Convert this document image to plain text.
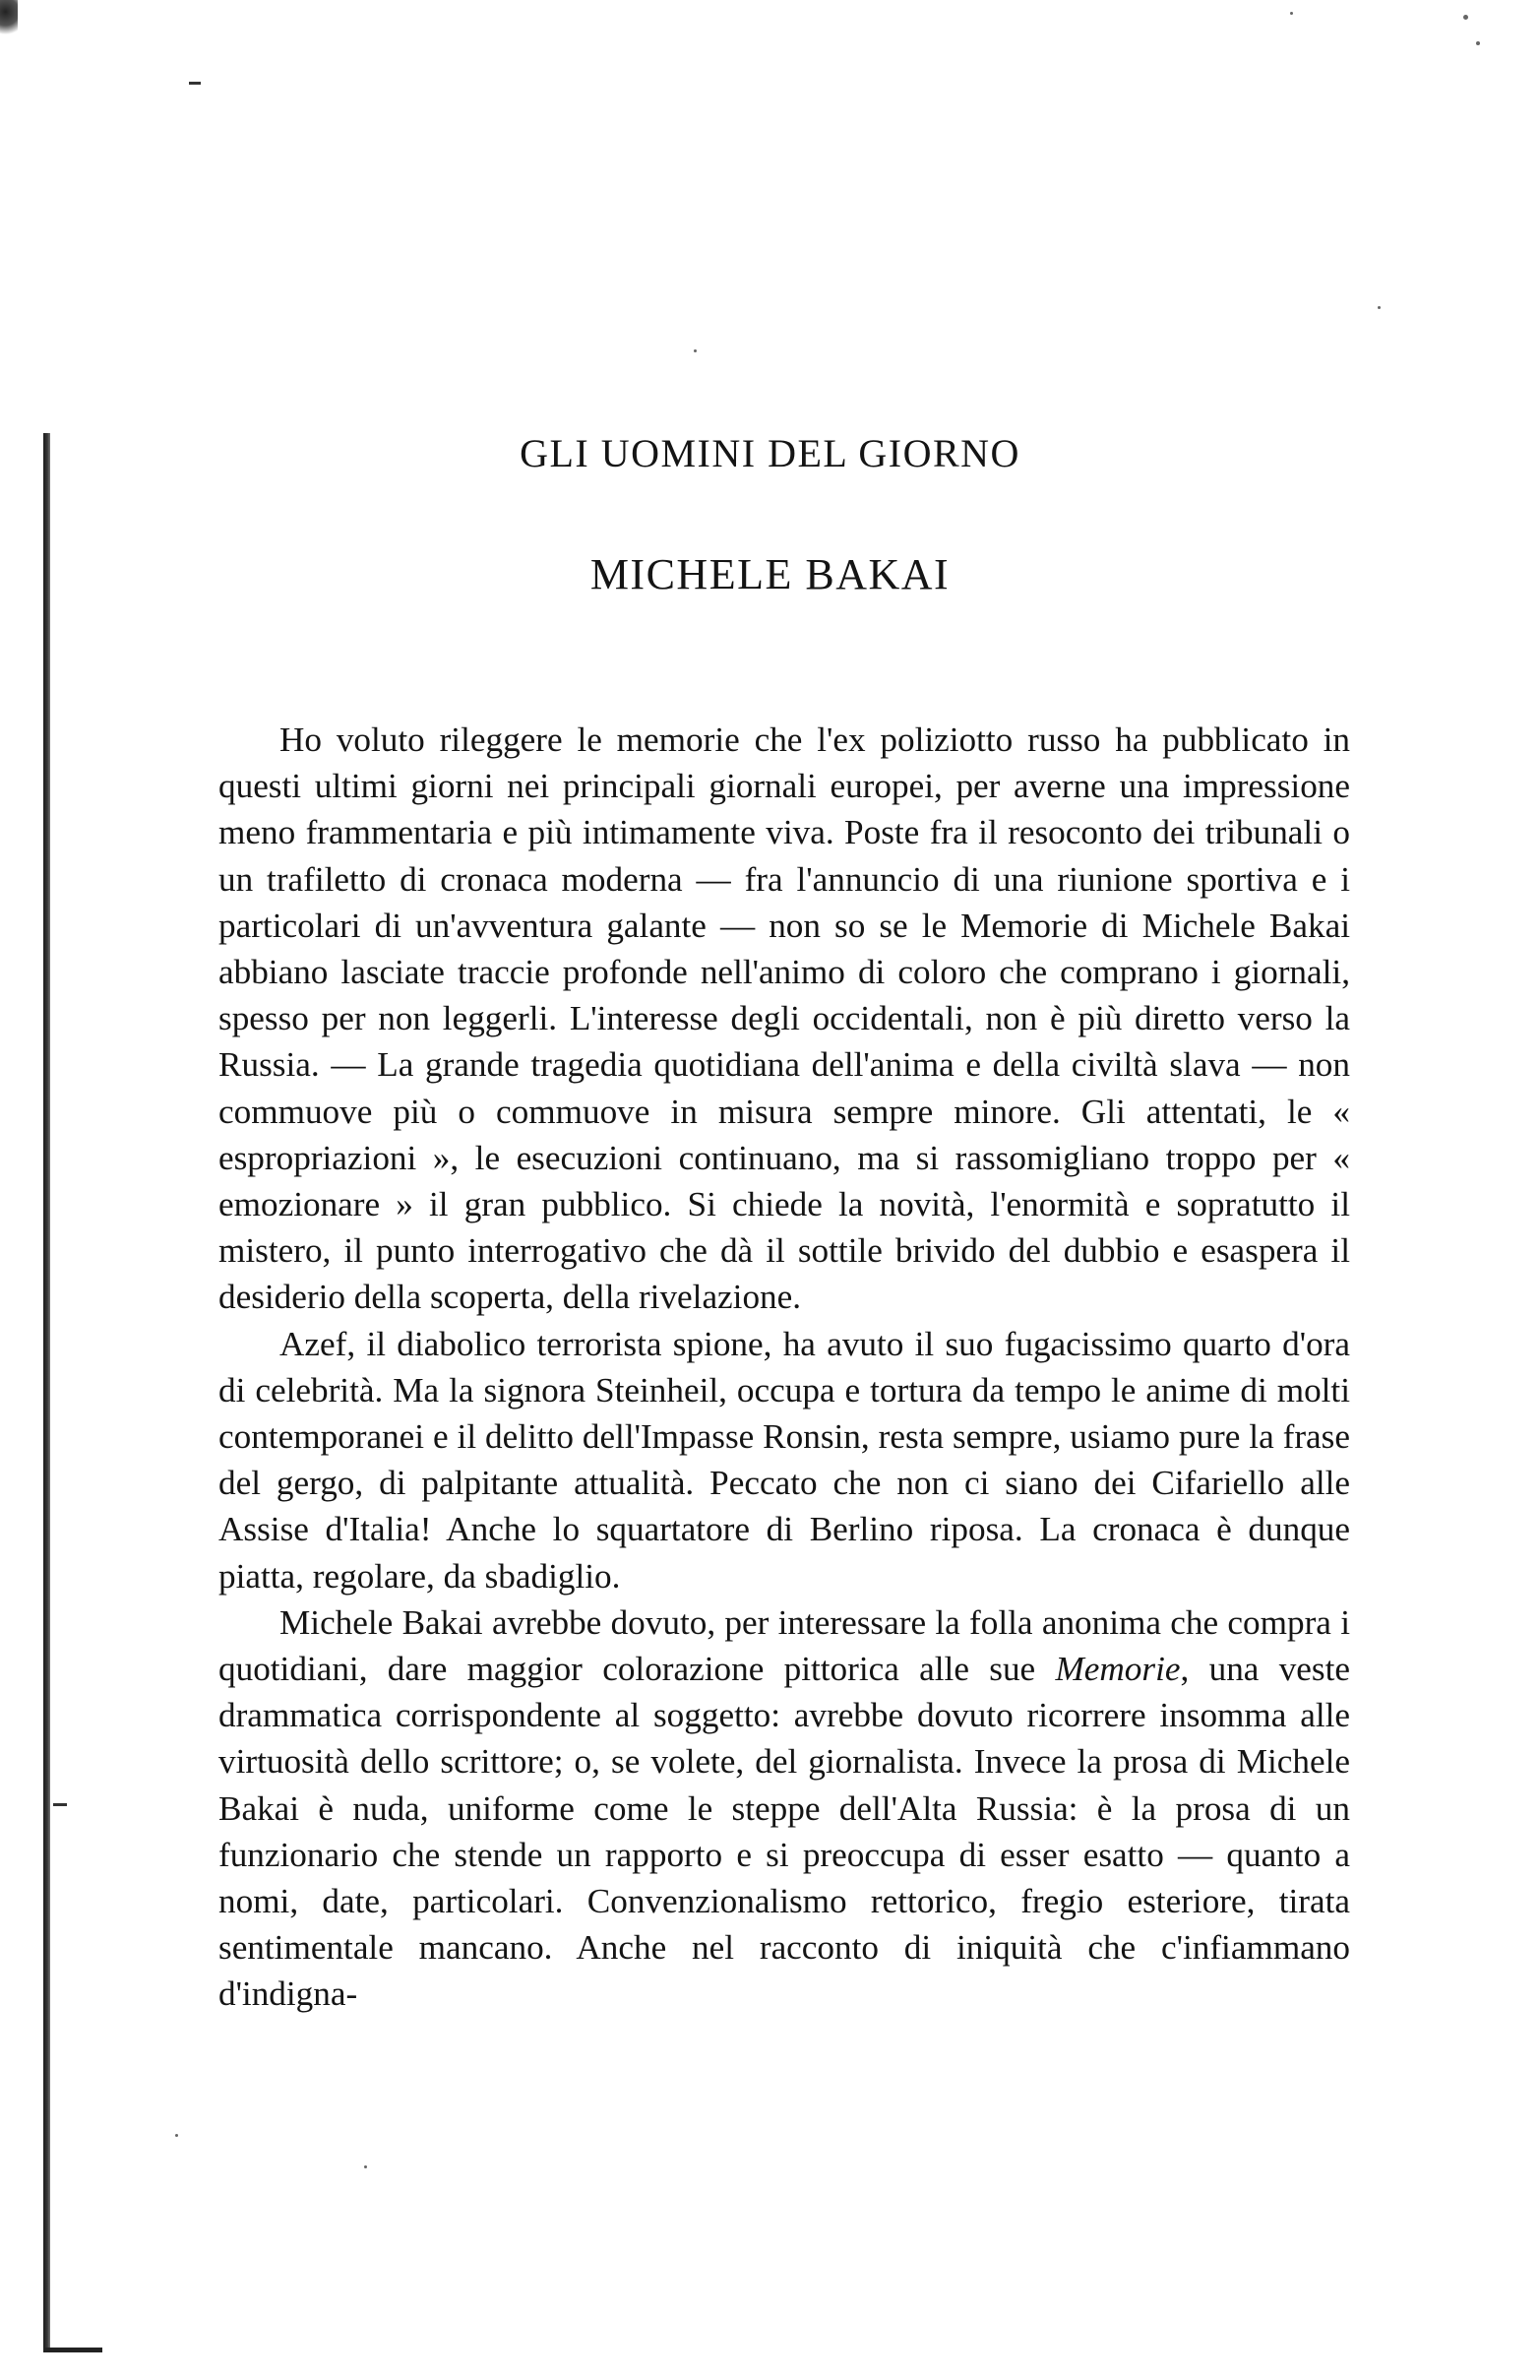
GLI UOMINI DEL GIORNO
MICHELE BAKAI

Ho voluto rileggere le memorie che l'ex poliziotto russo ha pubblicato in questi ultimi giorni nei principali giornali europei, per averne una impressione meno frammentaria e più intimamente viva. Poste fra il resoconto dei tribunali o un trafiletto di cronaca moderna — fra l'annuncio di una riunione sportiva e i particolari di un'avventura galante — non so se le Memorie di Michele Bakai abbiano lasciate traccie profonde nell'animo di coloro che comprano i giornali, spesso per non leggerli. L'interesse degli occidentali, non è più diretto verso la Russia. — La grande tragedia quotidiana dell'anima e della civiltà slava — non commuove più o commuove in misura sempre minore. Gli attentati, le « espropriazioni », le esecuzioni continuano, ma si rassomigliano troppo per « emozionare » il gran pubblico. Si chiede la novità, l'enormità e sopratutto il mistero, il punto interrogativo che dà il sottile brivido del dubbio e esaspera il desiderio della scoperta, della rivelazione.

Azef, il diabolico terrorista spione, ha avuto il suo fugacissimo quarto d'ora di celebrità. Ma la signora Steinheil, occupa e tortura da tempo le anime di molti contemporanei e il delitto dell'Impasse Ronsin, resta sempre, usiamo pure la frase del gergo, di palpitante attualità. Peccato che non ci siano dei Cifariello alle Assise d'Italia! Anche lo squartatore di Berlino riposa. La cronaca è dunque piatta, regolare, da sbadiglio.

Michele Bakai avrebbe dovuto, per interessare la folla anonima che compra i quotidiani, dare maggior colorazione pittorica alle sue Memorie, una veste drammatica corrispondente al soggetto: avrebbe dovuto ricorrere insomma alle virtuosità dello scrittore; o, se volete, del giornalista. Invece la prosa di Michele Bakai è nuda, uniforme come le steppe dell'Alta Russia: è la prosa di un funzionario che stende un rapporto e si preoccupa di esser esatto — quanto a nomi, date, particolari. Convenzionalismo rettorico, fregio esteriore, tirata sentimentale mancano. Anche nel racconto di iniquità che c'infiammano d'indigna-
